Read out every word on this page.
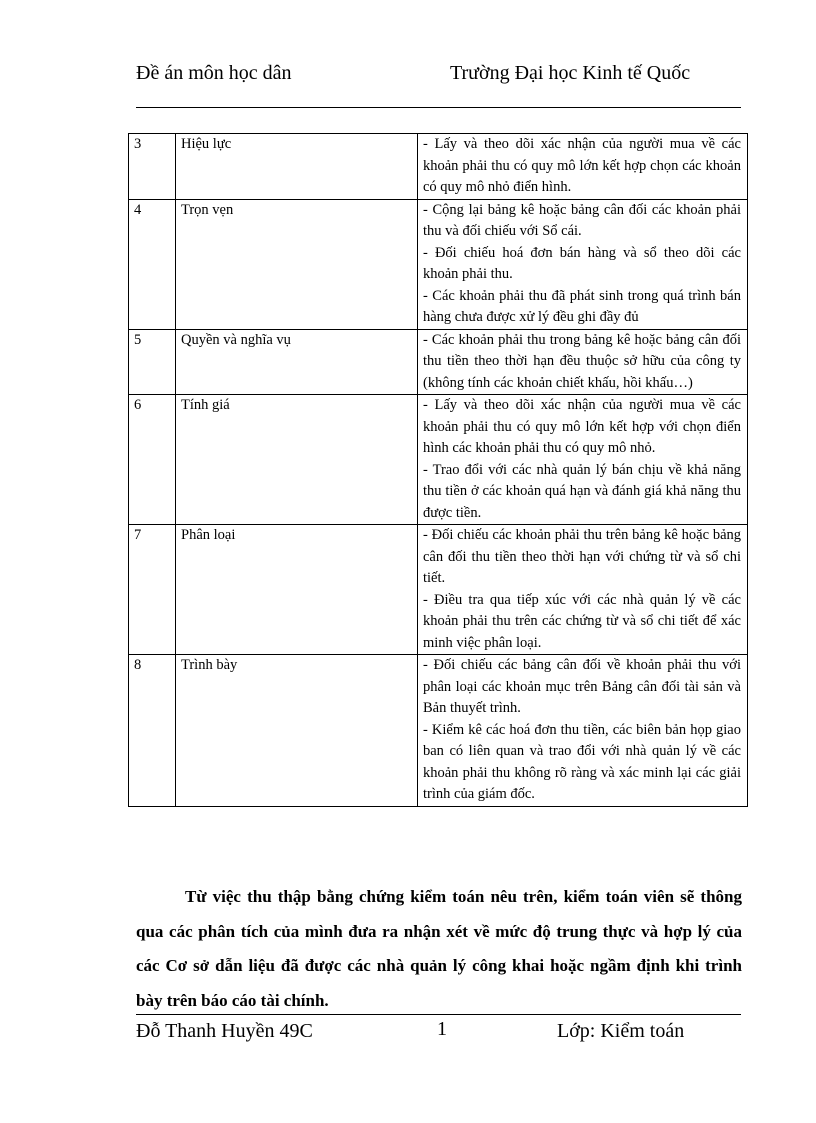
Đề án môn học dân	Trường Đại học Kinh tế Quốc
3	Hiệu lực	- Lấy và theo dõi xác nhận của người mua về các khoản phải thu có quy mô lớn kết hợp chọn các khoản có quy mô nhỏ điển hình.

4	Trọn vẹn	- Cộng lại bảng kê hoặc bảng cân đối các khoản phải thu và đối chiếu với Sổ cái.
- Đối chiếu hoá đơn bán hàng và sổ theo dõi các khoản phải thu.
- Các khoản phải thu đã phát sinh trong quá trình bán hàng chưa được xử lý đều ghi đầy đủ

5	Quyền và nghĩa vụ	- Các khoản phải thu trong bảng kê hoặc bảng cân đối thu tiền theo thời hạn đều thuộc sở hữu của công ty (không tính các khoản chiết khấu, hồi khấu…)

6	Tính giá	- Lấy và theo dõi xác nhận của người mua về các khoản phải thu có quy mô lớn kết hợp với chọn điển hình các khoản phải thu có quy mô nhỏ.
- Trao đổi với các nhà quản lý bán chịu về khả năng thu tiền ở các khoản quá hạn và đánh giá khả năng thu được tiền.

7	Phân loại	- Đối chiếu các khoản phải thu trên bảng kê hoặc bảng cân đối thu tiền theo thời hạn với chứng từ và sổ chi tiết.
- Điều tra qua tiếp xúc với các nhà quản lý về các khoản phải thu trên các chứng từ và sổ chi tiết để xác minh việc phân loại.

8	Trình bày	- Đối chiếu các bảng cân đối về khoản phải thu với phân loại các khoản mục trên Bảng cân đối tài sản và Bản thuyết trình.
- Kiểm kê các hoá đơn thu tiền, các biên bản họp giao ban có liên quan và trao đổi với nhà quản lý về các khoản phải thu không rõ ràng và xác minh lại các giải trình của giám đốc.
Từ việc thu thập bằng chứng kiểm toán nêu trên, kiểm toán viên sẽ thông qua các phân tích của mình đưa ra nhận xét về mức độ trung thực và hợp lý của các Cơ sở dẫn liệu đã được các nhà quản lý công khai hoặc ngầm định khi trình bày trên báo cáo tài chính.
Đỗ Thanh Huyền 49C	1	Lớp: Kiểm toán
